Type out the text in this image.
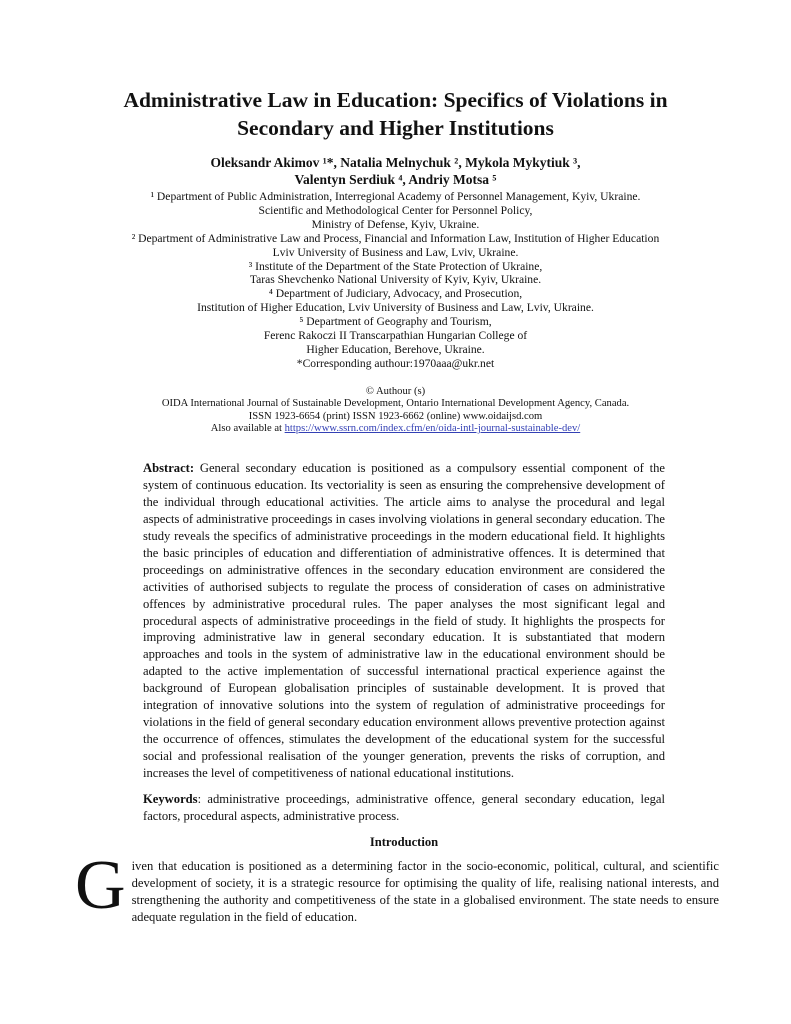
Administrative Law in Education: Specifics of Violations in
Secondary and Higher Institutions
Oleksandr Akimov ¹*, Natalia Melnychuk ², Mykola Mykytiuk ³,
Valentyn Serdiuk ⁴, Andriy Motsa ⁵
¹ Department of Public Administration, Interregional Academy of Personnel Management, Kyiv, Ukraine.
Scientific and Methodological Center for Personnel Policy,
Ministry of Defense, Kyiv, Ukraine.
² Department of Administrative Law and Process, Financial and Information Law, Institution of Higher Education
Lviv University of Business and Law, Lviv, Ukraine.
³ Institute of the Department of the State Protection of Ukraine,
Taras Shevchenko National University of Kyiv, Kyiv, Ukraine.
⁴ Department of Judiciary, Advocacy, and Prosecution,
Institution of Higher Education, Lviv University of Business and Law, Lviv, Ukraine.
⁵ Department of Geography and Tourism,
Ferenc Rakoczi II Transcarpathian Hungarian College of
Higher Education, Berehove, Ukraine.
*Corresponding authour:1970aaa@ukr.net
© Authour (s)
OIDA International Journal of Sustainable Development, Ontario International Development Agency, Canada.
ISSN 1923-6654 (print) ISSN 1923-6662 (online) www.oidaijsd.com
Also available at https://www.ssrn.com/index.cfm/en/oida-intl-journal-sustainable-dev/

Abstract: General secondary education is positioned as a compulsory essential component of the system of continuous education. Its vectoriality is seen as ensuring the comprehensive development of the individual through educational activities. The article aims to analyse the procedural and legal aspects of administrative proceedings in cases involving violations in general secondary education. The study reveals the specifics of administrative proceedings in the modern educational field. It highlights the basic principles of education and differentiation of administrative offences. It is determined that proceedings on administrative offences in the secondary education environment are considered the activities of authorised subjects to regulate the process of consideration of cases on administrative offences by administrative procedural rules. The paper analyses the most significant legal and procedural aspects of administrative proceedings in the field of study. It highlights the prospects for improving administrative law in general secondary education. It is substantiated that modern approaches and tools in the system of administrative law in the educational environment should be adapted to the active implementation of successful international practical experience against the background of European globalisation principles of sustainable development. It is proved that integration of innovative solutions into the system of regulation of administrative proceedings for violations in the field of general secondary education environment allows preventive protection against the occurrence of offences, stimulates the development of the educational system for the successful social and professional realisation of the younger generation, prevents the risks of corruption, and increases the level of competitiveness of national educational institutions.

Keywords: administrative proceedings, administrative offence, general secondary education, legal factors, procedural aspects, administrative process.

Introduction
Given that education is positioned as a determining factor in the socio-economic, political, cultural, and scientific development of society, it is a strategic resource for optimising the quality of life, realising national interests, and strengthening the authority and competitiveness of the state in a globalised environment. The state needs to ensure adequate regulation in the field of education.
